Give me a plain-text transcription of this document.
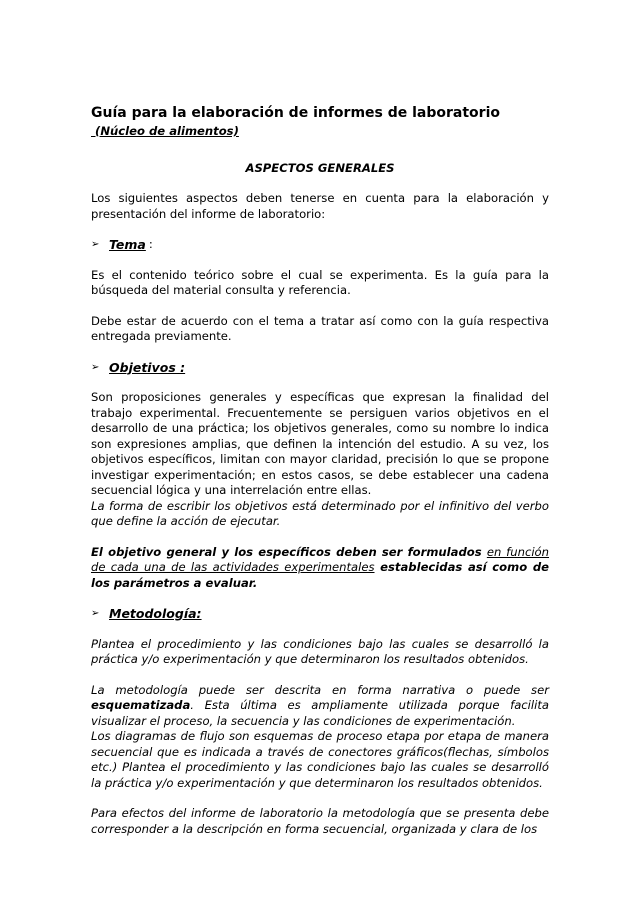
Guía para la elaboración de informes de laboratorio
(Núcleo de alimentos)
ASPECTOS GENERALES

Los siguientes aspectos deben tenerse en cuenta para la elaboración y presentación del informe de laboratorio:

➢ Tema :

Es el contenido teórico sobre el cual se experimenta. Es la guía para la búsqueda del material consulta y referencia.

Debe estar de acuerdo con el tema a tratar así como con la guía respectiva entregada previamente.

➢ Objetivos :

Son proposiciones generales y específicas que expresan la finalidad del trabajo experimental. Frecuentemente se persiguen varios objetivos en el desarrollo de una práctica; los objetivos generales, como su nombre lo indica son expresiones amplias, que definen la intención del estudio. A su vez, los objetivos específicos, limitan con mayor claridad, precisión lo que se propone investigar experimentación; en estos casos, se debe establecer una cadena secuencial lógica y una interrelación entre ellas.

La forma de escribir los objetivos está determinado por el infinitivo del verbo que define la acción de ejecutar.

El objetivo general y los específicos deben ser formulados en función de cada una de las actividades experimentales establecidas así como de los parámetros a evaluar.

➢ Metodología:

Plantea el procedimiento y las condiciones bajo las cuales se desarrolló la práctica y/o experimentación y que determinaron los resultados obtenidos.

La metodología puede ser descrita en forma narrativa o puede ser esquematizada. Esta última es ampliamente utilizada porque facilita visualizar el proceso, la secuencia y las condiciones de experimentación.

Los diagramas de flujo son esquemas de proceso etapa por etapa de manera secuencial que es indicada a través de conectores gráficos(flechas, símbolos etc.) Plantea el procedimiento y las condiciones bajo las cuales se desarrolló la práctica y/o experimentación y que determinaron los resultados obtenidos.

Para efectos del informe de laboratorio la metodología que se presenta debe corresponder a la descripción en forma secuencial, organizada y clara de los
